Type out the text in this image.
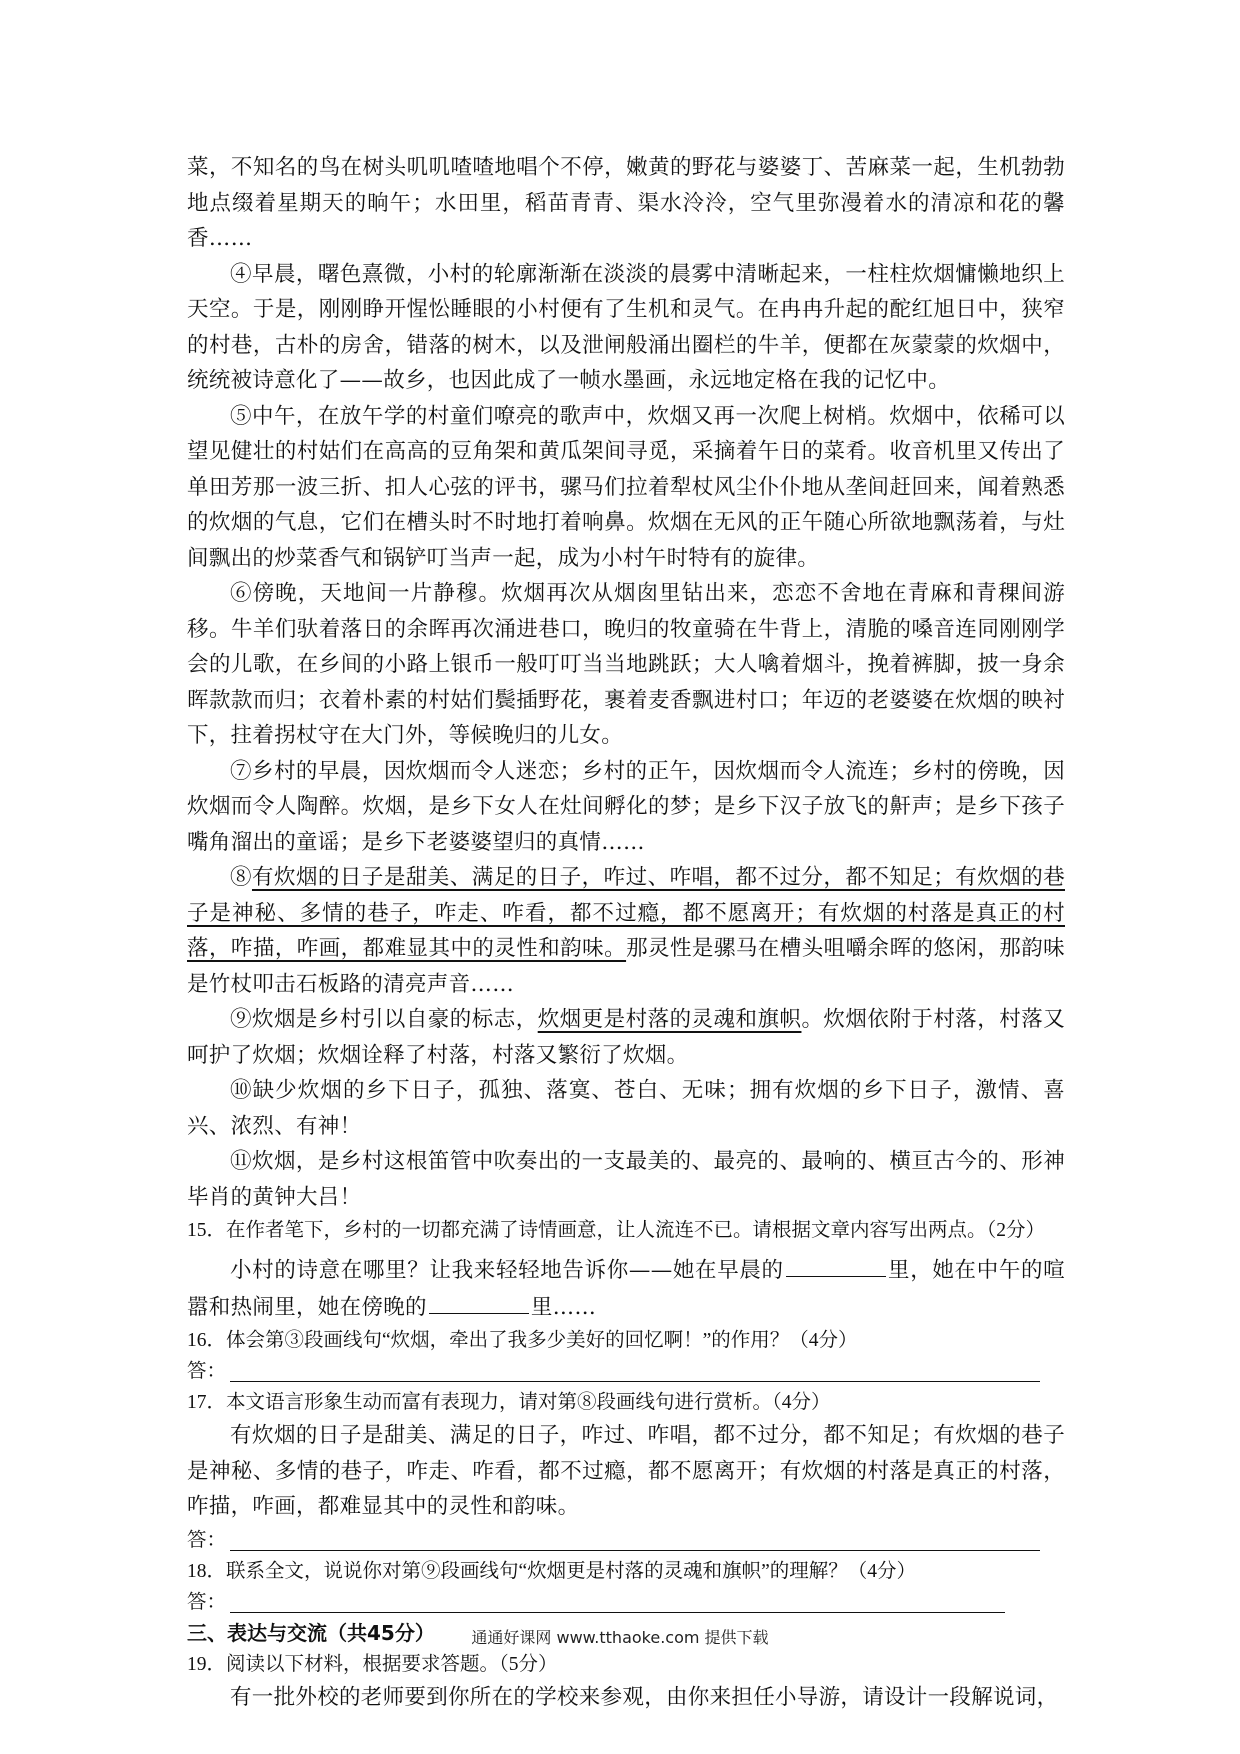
菜，不知名的鸟在树头叽叽喳喳地唱个不停，嫩黄的野花与婆婆丁、苦麻菜一起，生机勃勃地点缀着星期天的晌午；水田里，稻苗青青、渠水泠泠，空气里弥漫着水的清凉和花的馨香……

④早晨，曙色熹微，小村的轮廓渐渐在淡淡的晨雾中清晰起来，一柱柱炊烟慵懒地织上天空。于是，刚刚睁开惺忪睡眼的小村便有了生机和灵气。在冉冉升起的酡红旭日中，狭窄的村巷，古朴的房舍，错落的树木，以及泄闸般涌出圈栏的牛羊，便都在灰蒙蒙的炊烟中，统统被诗意化了——故乡，也因此成了一帧水墨画，永远地定格在我的记忆中。

⑤中午，在放午学的村童们嘹亮的歌声中，炊烟又再一次爬上树梢。炊烟中，依稀可以望见健壮的村姑们在高高的豆角架和黄瓜架间寻觅，采摘着午日的菜肴。收音机里又传出了单田芳那一波三折、扣人心弦的评书，骡马们拉着犁杖风尘仆仆地从垄间赶回来，闻着熟悉的炊烟的气息，它们在槽头时不时地打着响鼻。炊烟在无风的正午随心所欲地飘荡着，与灶间飘出的炒菜香气和锅铲叮当声一起，成为小村午时特有的旋律。

⑥傍晚，天地间一片静穆。炊烟再次从烟囱里钻出来，恋恋不舍地在青麻和青稞间游移。牛羊们驮着落日的余晖再次涌进巷口，晚归的牧童骑在牛背上，清脆的嗓音连同刚刚学会的儿歌，在乡间的小路上银币一般叮叮当当地跳跃；大人噙着烟斗，挽着裤脚，披一身余晖款款而归；衣着朴素的村姑们鬓插野花，裹着麦香飘进村口；年迈的老婆婆在炊烟的映衬下，拄着拐杖守在大门外，等候晚归的儿女。

⑦乡村的早晨，因炊烟而令人迷恋；乡村的正午，因炊烟而令人流连；乡村的傍晚，因炊烟而令人陶醉。炊烟，是乡下女人在灶间孵化的梦；是乡下汉子放飞的鼾声；是乡下孩子嘴角溜出的童谣；是乡下老婆婆望归的真情……

⑧有炊烟的日子是甜美、满足的日子，咋过、咋唱，都不过分，都不知足；有炊烟的巷子是神秘、多情的巷子，咋走、咋看，都不过瘾，都不愿离开；有炊烟的村落是真正的村落，咋描，咋画，都难显其中的灵性和韵味。那灵性是骡马在槽头咀嚼余晖的悠闲，那韵味是竹杖叩击石板路的清亮声音……

⑨炊烟是乡村引以自豪的标志，炊烟更是村落的灵魂和旗帜。炊烟依附于村落，村落又呵护了炊烟；炊烟诠释了村落，村落又繁衍了炊烟。

⑩缺少炊烟的乡下日子，孤独、落寞、苍白、无味；拥有炊烟的乡下日子，激情、喜兴、浓烈、有神！

⑪炊烟，是乡村这根笛管中吹奏出的一支最美的、最亮的、最响的、横亘古今的、形神毕肖的黄钟大吕！

15．在作者笔下，乡村的一切都充满了诗情画意，让人流连不已。请根据文章内容写出两点。（2分）

小村的诗意在哪里？让我来轻轻地告诉你——她在早晨的	里，她在中午的喧嚣和热闹里，她在傍晚的	里……

16．体会第③段画线句“炊烟，牵出了我多少美好的回忆啊！”的作用？（4分）

答：

17．本文语言形象生动而富有表现力，请对第⑧段画线句进行赏析。（4分）

有炊烟的日子是甜美、满足的日子，咋过、咋唱，都不过分，都不知足；有炊烟的巷子是神秘、多情的巷子，咋走、咋看，都不过瘾，都不愿离开；有炊烟的村落是真正的村落，咋描，咋画，都难显其中的灵性和韵味。

答：

18．联系全文，说说你对第⑨段画线句“炊烟更是村落的灵魂和旗帜”的理解？（4分）

答：

三、表达与交流（共45分）

19．阅读以下材料，根据要求答题。（5分）

有一批外校的老师要到你所在的学校来参观，由你来担任小导游，请设计一段解说词，

通通好课网 www.tthaoke.com 提供下载
